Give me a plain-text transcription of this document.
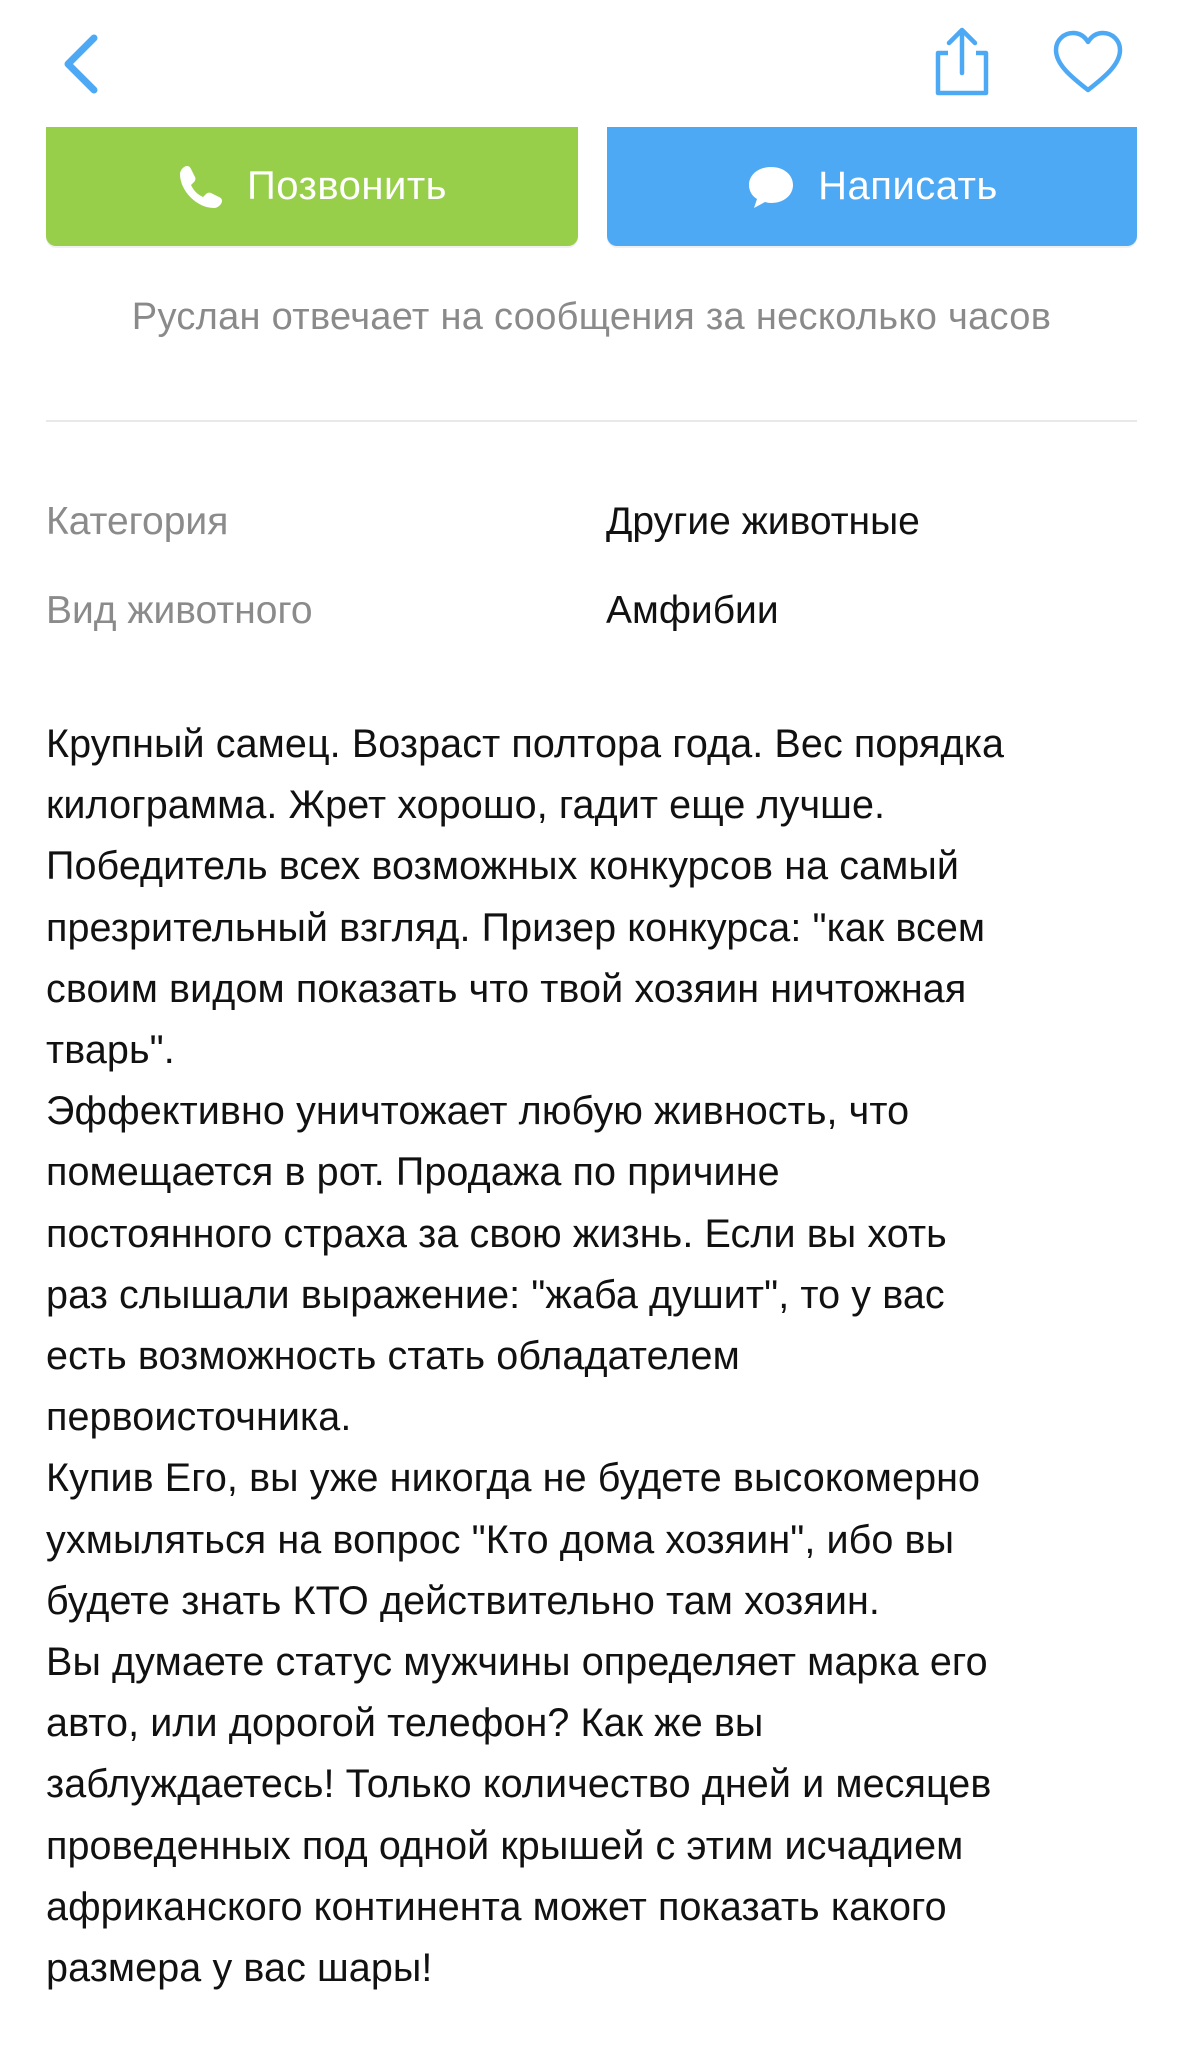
Позвонить	Написать
Руслан отвечает на сообщения за несколько часов
Категория	Другие животные
Вид животного	Амфибии
Крупный самец. Возраст полтора года. Вес порядка
килограмма. Жрет хорошо, гадит еще лучше.
Победитель всех возможных конкурсов на самый
презрительный взгляд. Призер конкурса: "как всем
своим видом показать что твой хозяин ничтожная
тварь".
Эффективно уничтожает любую живность, что
помещается в рот. Продажа по причине
постоянного страха за свою жизнь. Если вы хоть
раз слышали выражение: "жаба душит", то у вас
есть возможность стать обладателем
первоисточника.
Купив Его, вы уже никогда не будете высокомерно
ухмыляться на вопрос "Кто дома хозяин", ибо вы
будете знать КТО действительно там хозяин.
Вы думаете статус мужчины определяет марка его
авто, или дорогой телефон? Как же вы
заблуждаетесь! Только количество дней и месяцев
проведенных под одной крышей с этим исчадием
африканского континента может показать какого
размера у вас шары!
